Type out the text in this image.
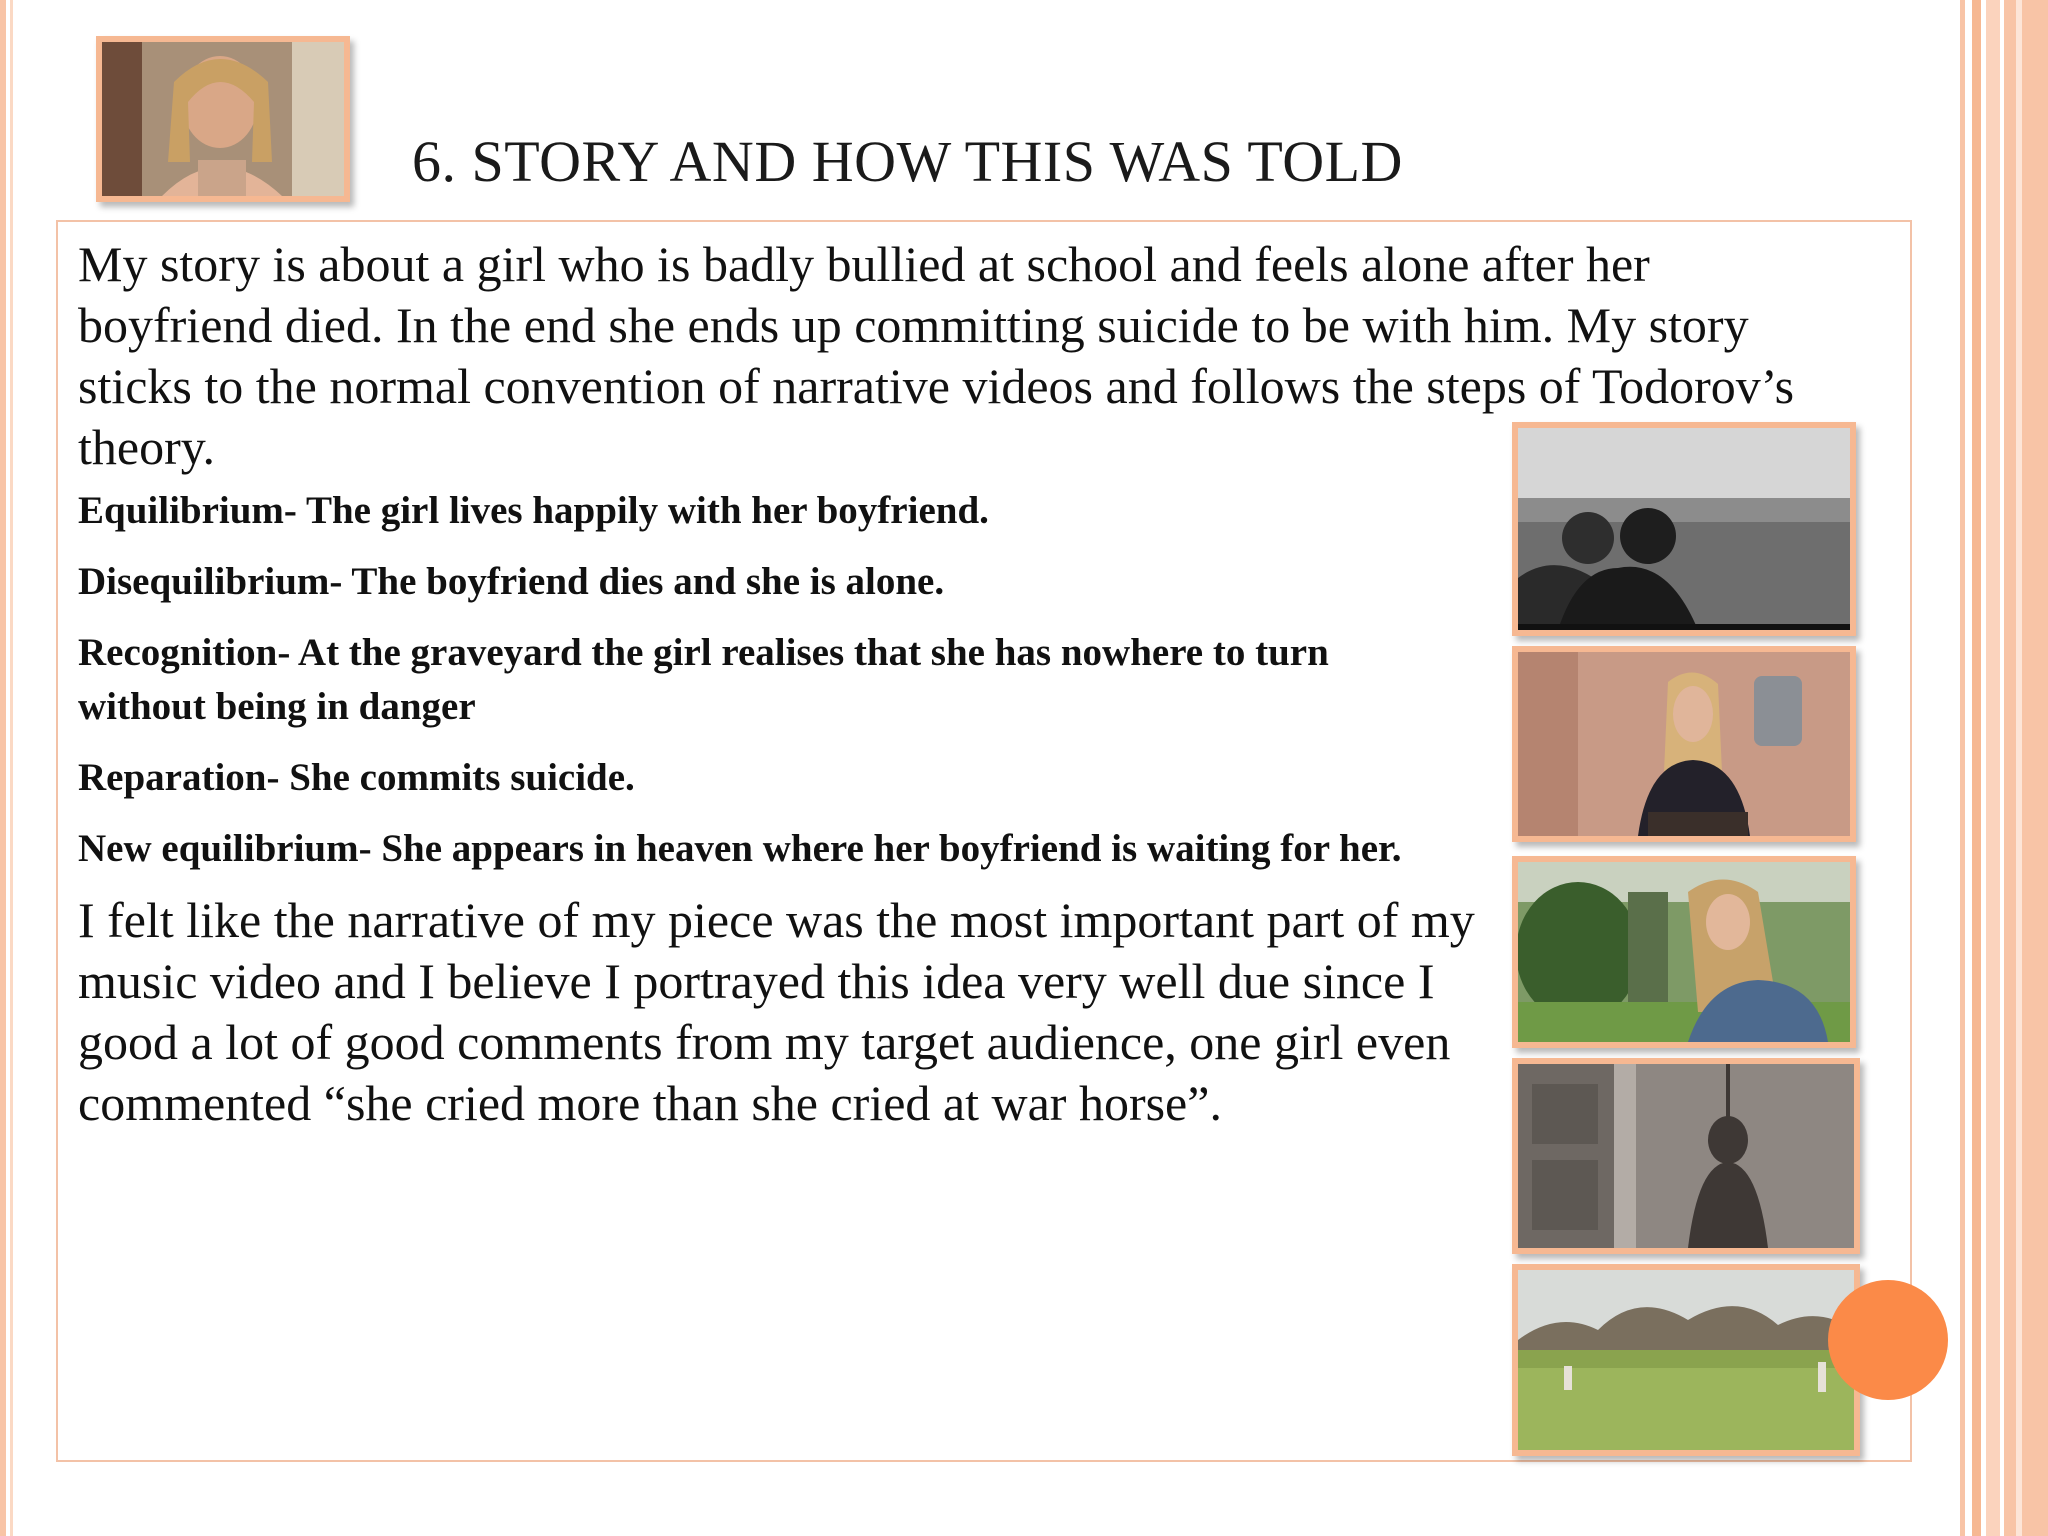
6. STORY AND HOW THIS WAS TOLD

My story is about a girl who is badly bullied at school and feels alone after her boyfriend died. In the end she ends up committing suicide to be with him. My story sticks to the normal convention of narrative videos and follows the steps of Todorov’s theory.

Equilibrium- The girl lives happily with her boyfriend.

Disequilibrium- The boyfriend dies and she is alone.

Recognition- At the graveyard the girl realises that she has nowhere to turn without being in danger

Reparation- She commits suicide.

New equilibrium- She appears in heaven where her boyfriend is waiting for her.

I felt like the narrative of my piece was the most important part of my music video and I believe I portrayed this idea very well due since I good a lot of good comments from my target audience, one girl even commented “she cried more than she cried at war horse”.
